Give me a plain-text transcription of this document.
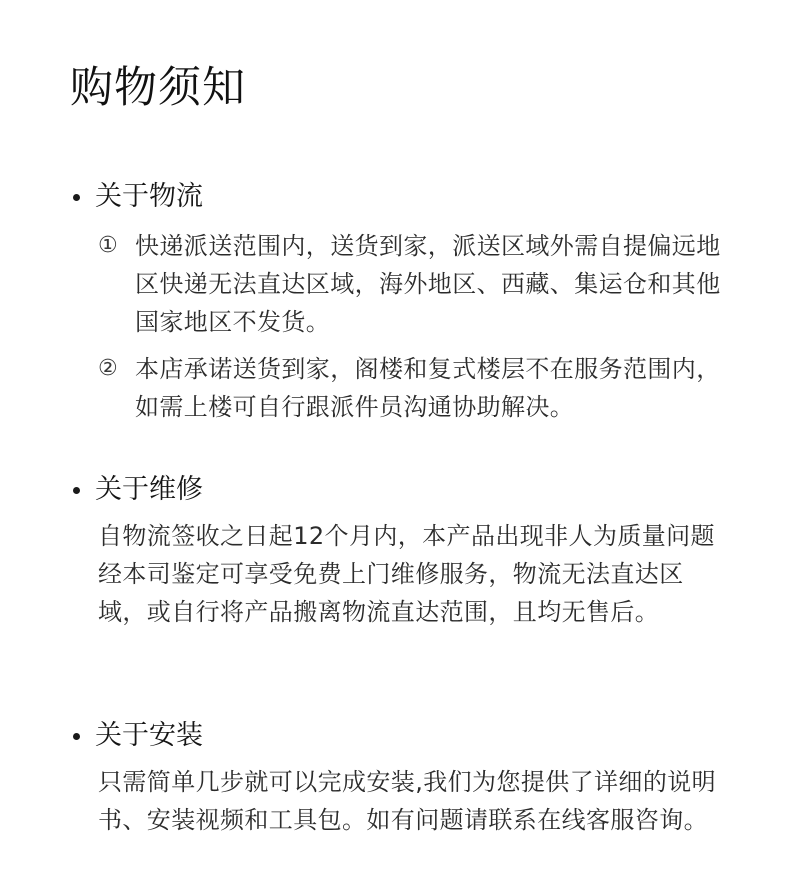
购物须知
关于物流
① 快递派送范围内，送货到家，派送区域外需自提偏远地区快递无法直达区域，海外地区、西藏、集运仓和其他国家地区不发货。
② 本店承诺送货到家，阁楼和复式楼层不在服务范围内，如需上楼可自行跟派件员沟通协助解决。
关于维修
自物流签收之日起12个月内，本产品出现非人为质量问题经本司鉴定可享受免费上门维修服务，物流无法直达区域，或自行将产品搬离物流直达范围，且均无售后。
关于安装
只需简单几步就可以完成安装,我们为您提供了详细的说明书、安装视频和工具包。如有问题请联系在线客服咨询。
